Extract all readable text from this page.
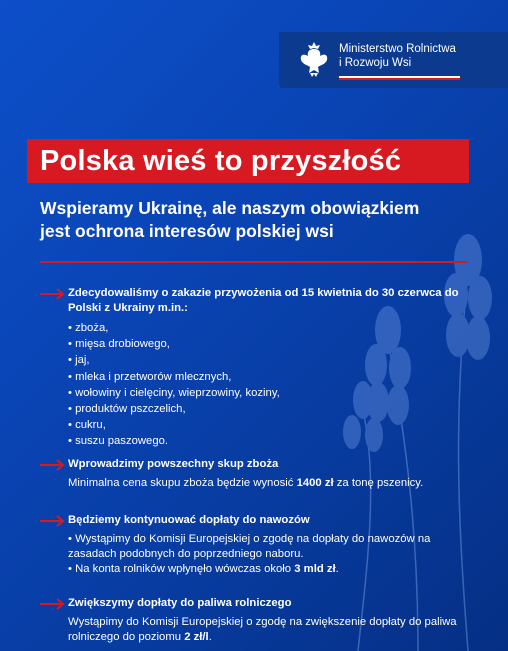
Ministerstwo Rolnictwa
i Rozwoju Wsi
Polska wieś to przyszłość
Wspieramy Ukrainę, ale naszym obowiązkiem
jest ochrona interesów polskiej wsi
Zdecydowaliśmy o zakazie przywożenia od 15 kwietnia do 30 czerwca do Polski z Ukrainy m.in.:
• zboża,
• mięsa drobiowego,
• jaj,
• mleka i przetworów mlecznych,
• wołowiny i cielęciny, wieprzowiny, koziny,
• produktów pszczelich,
• cukru,
• suszu paszowego.
Wprowadzimy powszechny skup zboża
Minimalna cena skupu zboża będzie wynosić 1400 zł za tonę pszenicy.
Będziemy kontynuować dopłaty do nawozów
• Wystąpimy do Komisji Europejskiej o zgodę na dopłaty do nawozów na zasadach podobnych do poprzedniego naboru.
• Na konta rolników wpłynęło wówczas około 3 mld zł.
Zwiększymy dopłaty do paliwa rolniczego
Wystąpimy do Komisji Europejskiej o zgodę na zwiększenie dopłaty do paliwa rolniczego do poziomu 2 zł/l.
